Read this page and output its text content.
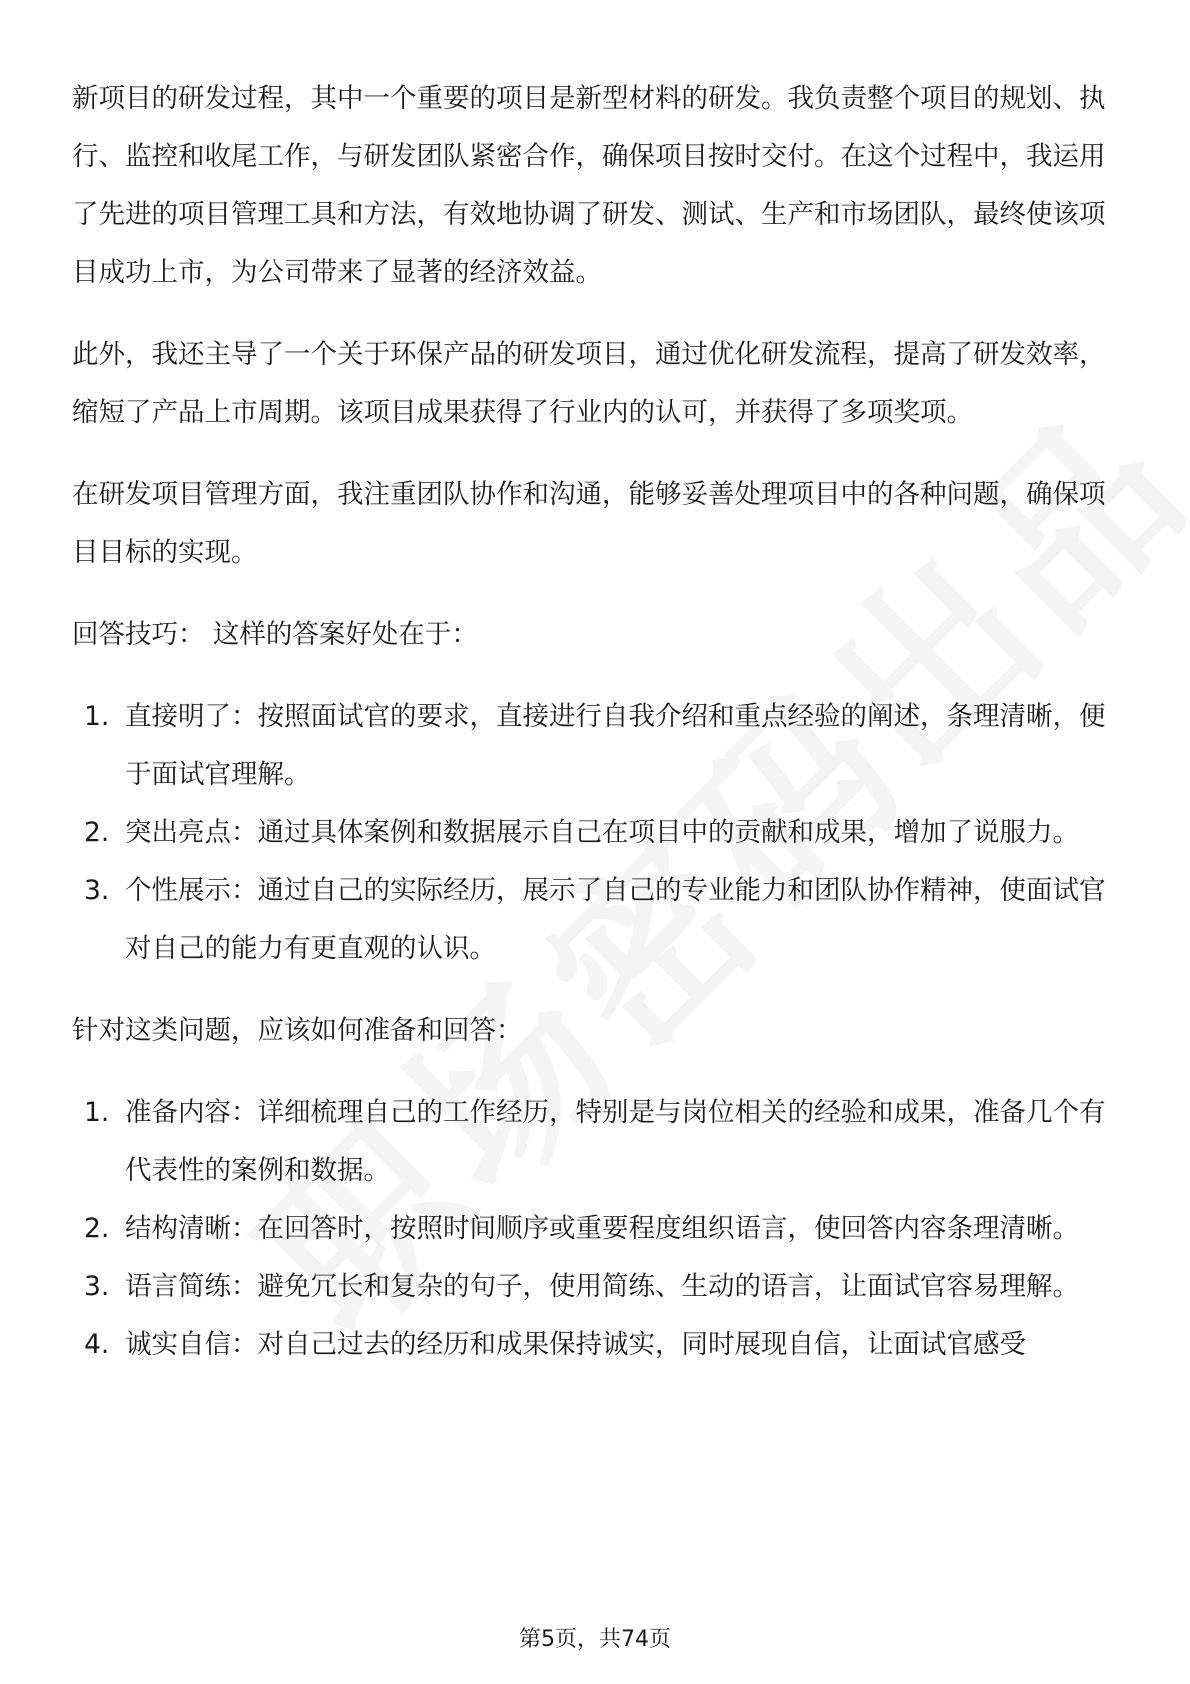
新项目的研发过程，其中一个重要的项目是新型材料的研发。我负责整个项目的规划、执行、监控和收尾工作，与研发团队紧密合作，确保项目按时交付。在这个过程中，我运用了先进的项目管理工具和方法，有效地协调了研发、测试、生产和市场团队，最终使该项目成功上市，为公司带来了显著的经济效益。

此外，我还主导了一个关于环保产品的研发项目，通过优化研发流程，提高了研发效率，缩短了产品上市周期。该项目成果获得了行业内的认可，并获得了多项奖项。

在研发项目管理方面，我注重团队协作和沟通，能够妥善处理项目中的各种问题，确保项目目标的实现。

回答技巧： 这样的答案好处在于：

1. 直接明了：按照面试官的要求，直接进行自我介绍和重点经验的阐述，条理清晰，便于面试官理解。
2. 突出亮点：通过具体案例和数据展示自己在项目中的贡献和成果，增加了说服力。
3. 个性展示：通过自己的实际经历，展示了自己的专业能力和团队协作精神，使面试官对自己的能力有更直观的认识。

针对这类问题，应该如何准备和回答：

1. 准备内容：详细梳理自己的工作经历，特别是与岗位相关的经验和成果，准备几个有代表性的案例和数据。
2. 结构清晰：在回答时，按照时间顺序或重要程度组织语言，使回答内容条理清晰。
3. 语言简练：避免冗长和复杂的句子，使用简练、生动的语言，让面试官容易理解。
4. 诚实自信：对自己过去的经历和成果保持诚实，同时展现自信，让面试官感受
第5页，共74页
